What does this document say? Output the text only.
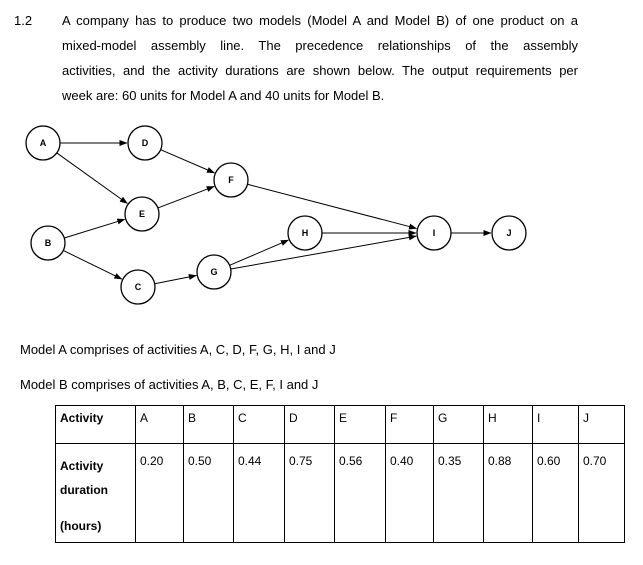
1.2 A company has to produce two models (Model A and Model B) of one product on a
mixed-model assembly line. The precedence relationships of the assembly
activities, and the activity durations are shown below. The output requirements per
week are: 60 units for Model A and 40 units for Model B.
A
B
C
D
E
F
G
H	I	J
Model A comprises of activities A, C, D, F, G, H, I and J
Model B comprises of activities A, B, C, E, F, I and J
Activity	A	B	C	D	E	F	G	H	I	J

Activity
duration
(hours)	0.20	0.50	0.44	0.75	0.56	0.40	0.35	0.88	0.60	0.70
